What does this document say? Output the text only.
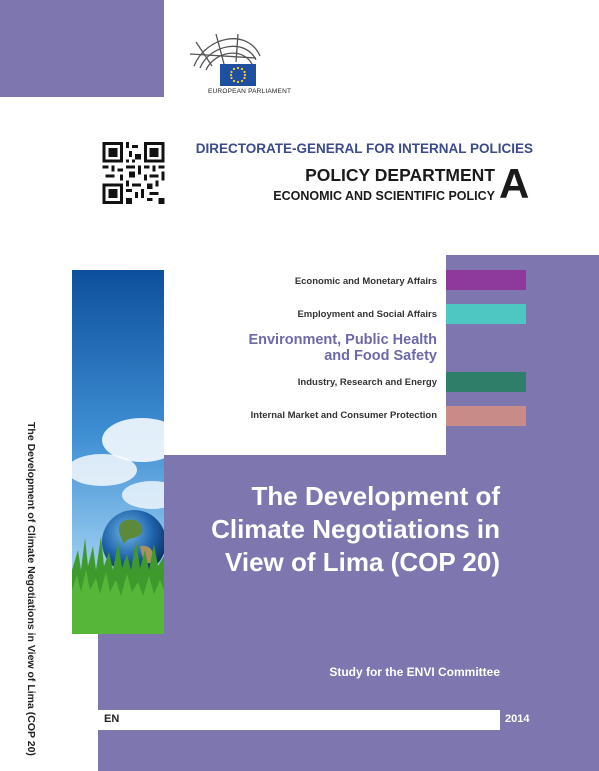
EUROPEAN PARLIAMENT
DIRECTORATE-GENERAL FOR INTERNAL POLICIES
POLICY DEPARTMENT
ECONOMIC AND SCIENTIFIC POLICY A
Economic and Monetary Affairs
Employment and Social Affairs
Environment, Public Health
and Food Safety
Industry, Research and Energy
Internal Market and Consumer Protection
The Development of
Climate Negotiations in
View of Lima (COP 20)
Study for the ENVI Committee
EN	2014
The Development of Climate Negotiations in View of Lima (COP 20)
